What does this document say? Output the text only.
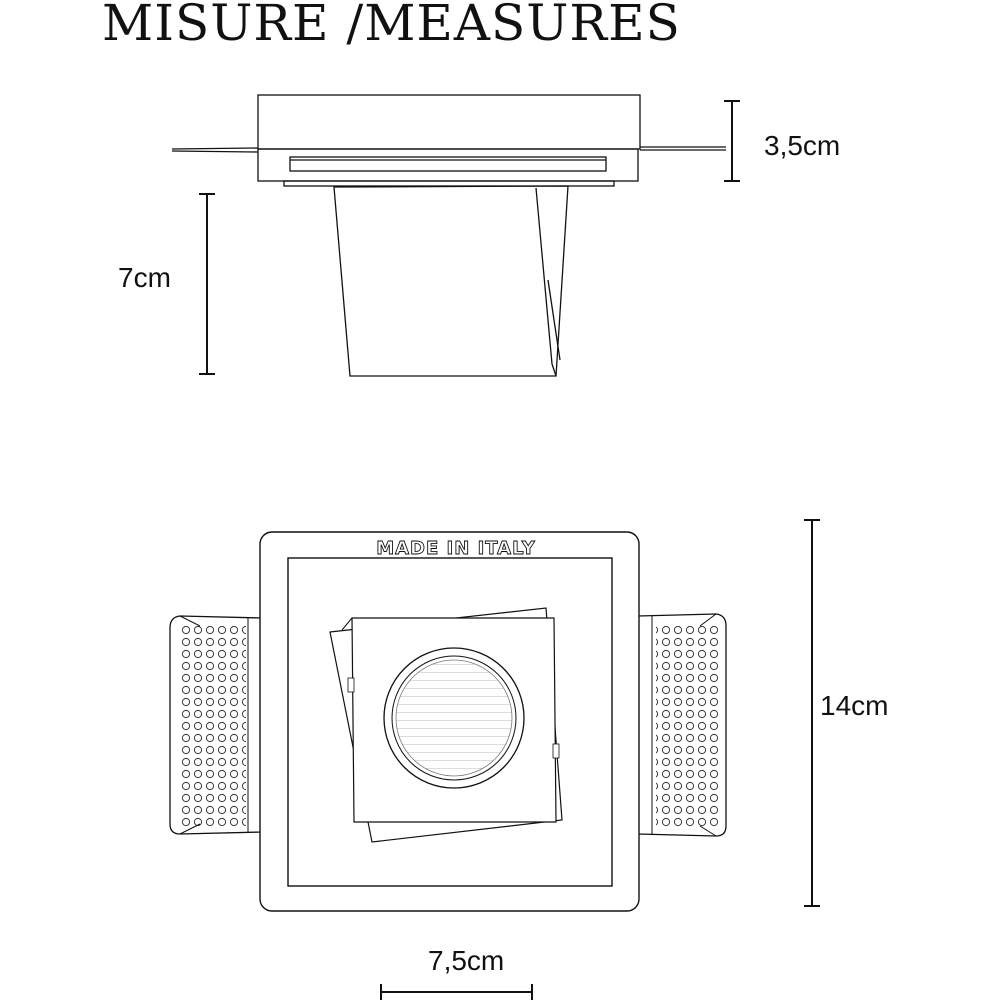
MISURE /MEASURES
3,5cm
7cm
14cm
7,5cm
MADE IN ITALY
